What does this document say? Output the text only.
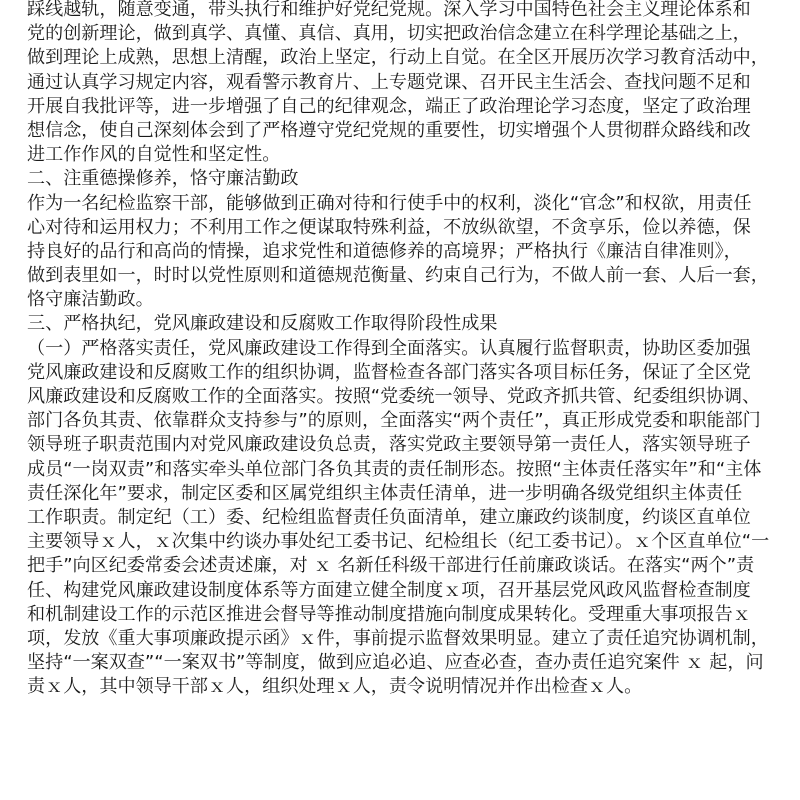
踩线越轨，随意变通，带头执行和维护好党纪党规。深入学习中国特色社会主义理论体系和
党的创新理论，做到真学、真懂、真信、真用，切实把政治信念建立在科学理论基础之上，
做到理论上成熟，思想上清醒，政治上坚定，行动上自觉。在全区开展历次学习教育活动中，
通过认真学习规定内容，观看警示教育片、上专题党课、召开民主生活会、查找问题不足和
开展自我批评等，进一步增强了自己的纪律观念，端正了政治理论学习态度，坚定了政治理
想信念，使自己深刻体会到了严格遵守党纪党规的重要性，切实增强个人贯彻群众路线和改
进工作作风的自觉性和坚定性。
二、注重德操修养，恪守廉洁勤政
作为一名纪检监察干部，能够做到正确对待和行使手中的权利，淡化“官念”和权欲，用责任
心对待和运用权力；不利用工作之便谋取特殊利益，不放纵欲望，不贪享乐，俭以养德，保
持良好的品行和高尚的情操，追求党性和道德修养的高境界；严格执行《廉洁自律准则》，
做到表里如一，时时以党性原则和道德规范衡量、约束自己行为，不做人前一套、人后一套，
恪守廉洁勤政。
三、严格执纪，党风廉政建设和反腐败工作取得阶段性成果
（一）严格落实责任，党风廉政建设工作得到全面落实。认真履行监督职责，协助区委加强
党风廉政建设和反腐败工作的组织协调，监督检查各部门落实各项目标任务，保证了全区党
风廉政建设和反腐败工作的全面落实。按照“党委统一领导、党政齐抓共管、纪委组织协调、
部门各负其责、依靠群众支持参与”的原则，全面落实“两个责任”，真正形成党委和职能部门
领导班子职责范围内对党风廉政建设负总责，落实党政主要领导第一责任人，落实领导班子
成员“一岗双责”和落实牵头单位部门各负其责的责任制形态。按照“主体责任落实年”和“主体
责任深化年”要求，制定区委和区属党组织主体责任清单，进一步明确各级党组织主体责任
工作职责。制定纪（工）委、纪检组监督责任负面清单，建立廉政约谈制度，约谈区直单位
主要领导ｘ人，ｘ次集中约谈办事处纪工委书记、纪检组长（纪工委书记）。ｘ个区直单位“一
把手”向区纪委常委会述责述廉，对 ｘ 名新任科级干部进行任前廉政谈话。在落实“两个”责
任、构建党风廉政建设制度体系等方面建立健全制度ｘ项，召开基层党风政风监督检查制度
和机制建设工作的示范区推进会督导等推动制度措施向制度成果转化。受理重大事项报告ｘ
项，发放《重大事项廉政提示函》ｘ件，事前提示监督效果明显。建立了责任追究协调机制，
坚持“一案双查”“一案双书”等制度，做到应追必追、应查必查，查办责任追究案件 ｘ 起，问
责ｘ人，其中领导干部ｘ人，组织处理ｘ人，责令说明情况并作出检查ｘ人。
